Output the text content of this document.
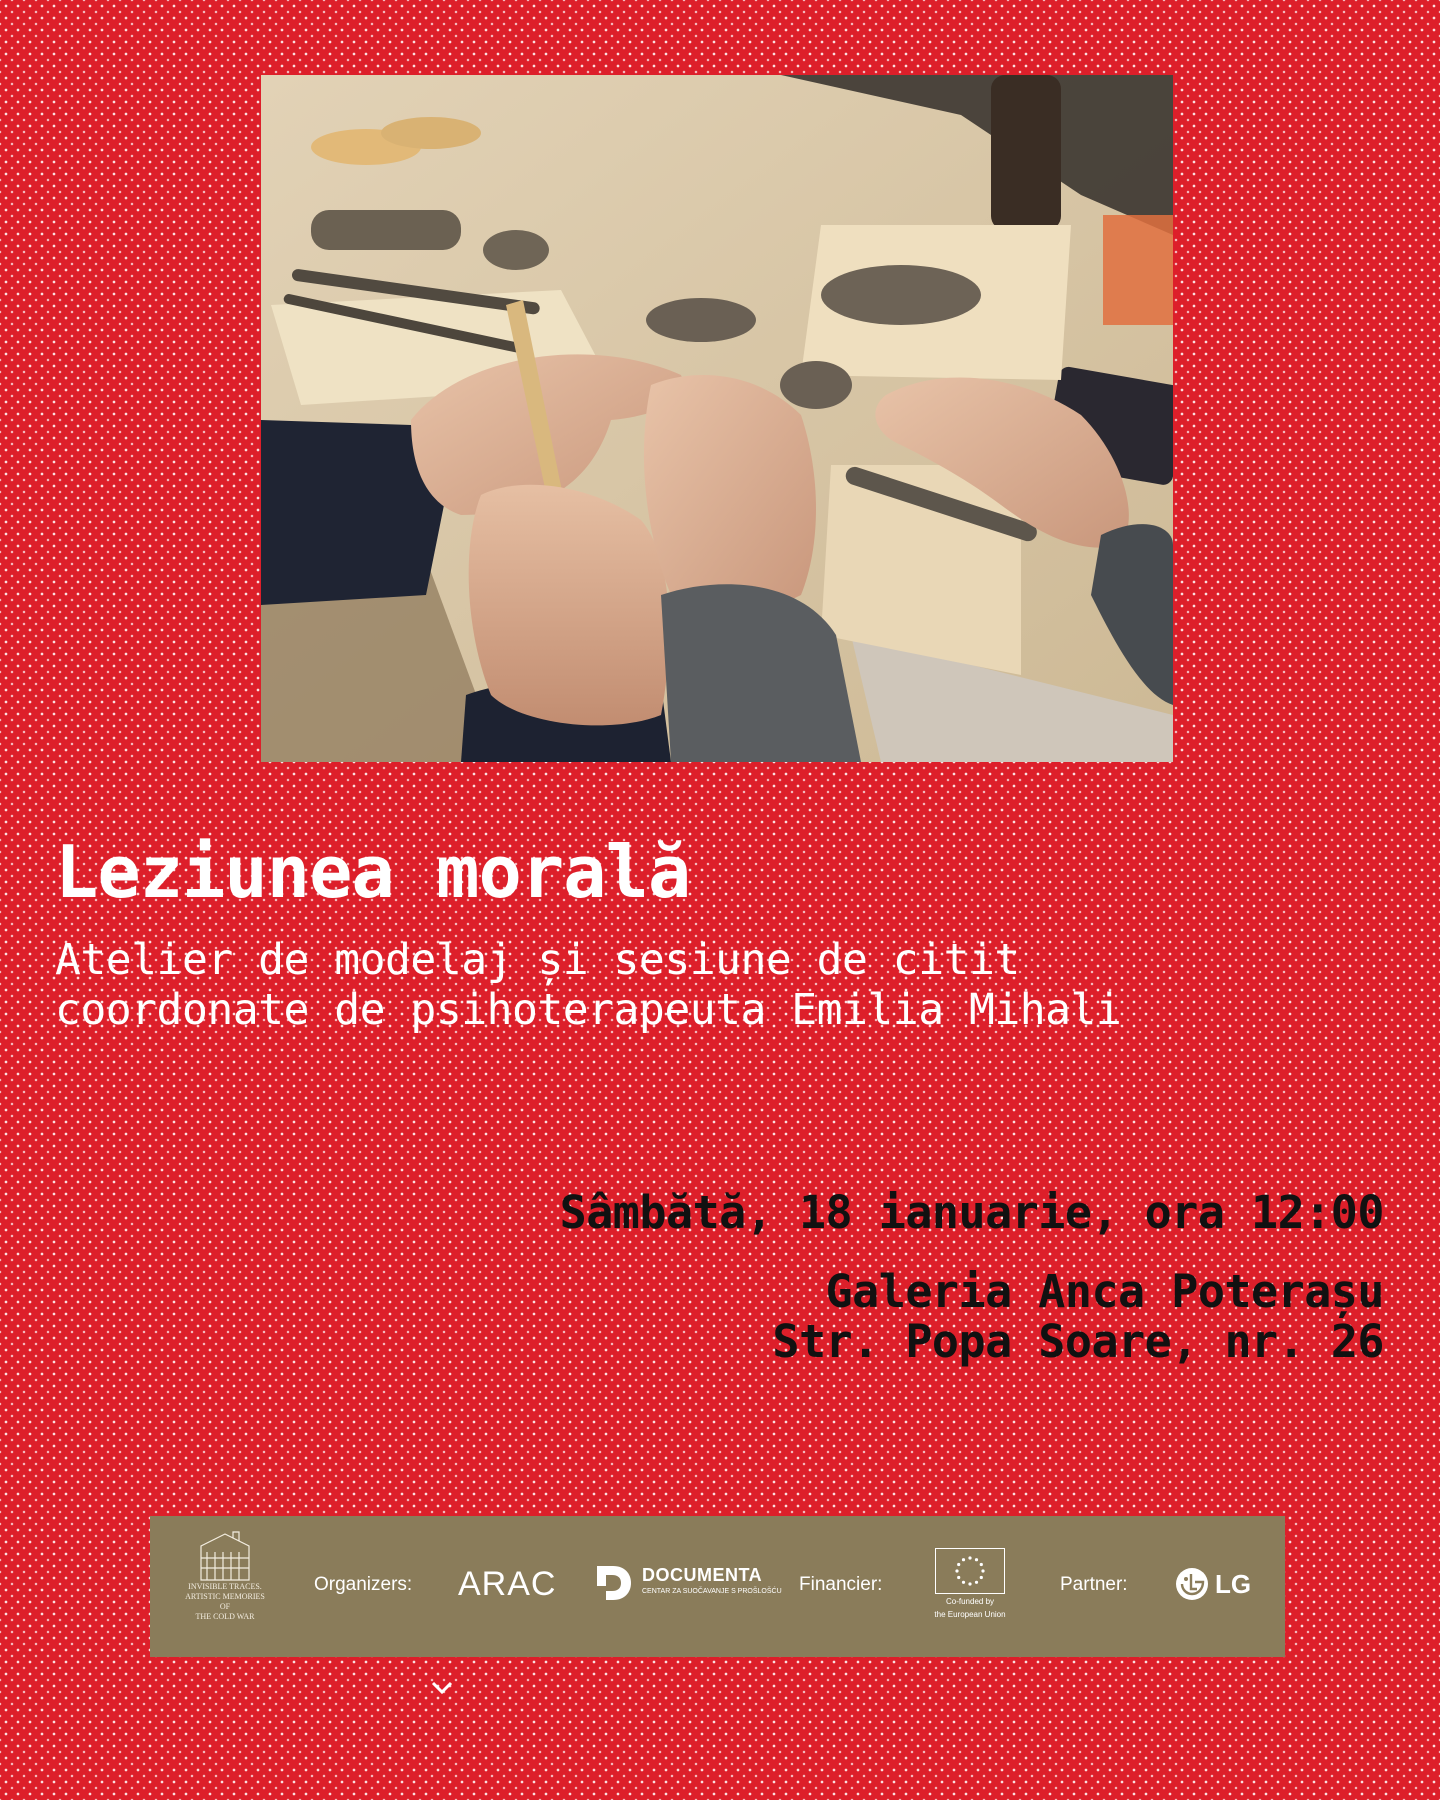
Leziunea morală
Atelier de modelaj și sesiune de citit
coordonate de psihoterapeuta Emilia Mihali
Sâmbătă, 18 ianuarie, ora 12:00
Galeria Anca Poterașu
Str. Popa Soare, nr. 26
INVISIBLE TRACES.
ARTISTIC MEMORIES OF
THE COLD WAR
Organizers: ARAC	DOCUMENTA
CENTAR ZA SUOČAVANJE S PROŠLOŠĆU Financier:
Co-funded by
the European Union
Partner:	LG
